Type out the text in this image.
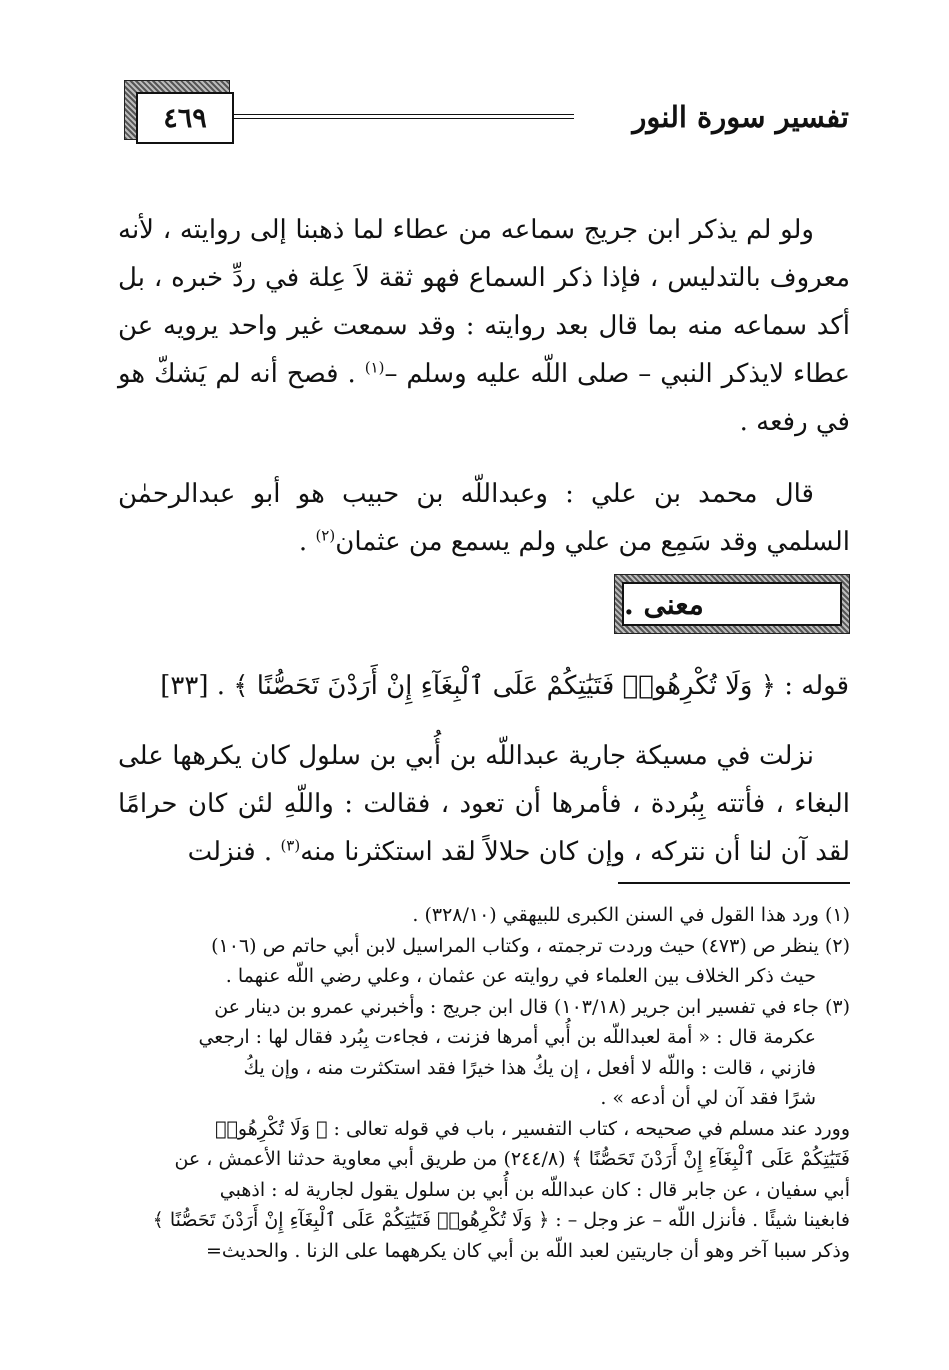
تفسير سورة النور
٤٦٩

ولو لم يذكر ابن جريج سماعه من عطاء لما ذهبنا إلى روايته ، لأنه معروف بالتدليس ، فإذا ذكر السماع فهو ثقة لاَ عِلة في ردِّ خبره ، بل أكد سماعه منه بما قال بعد روايته : وقد سمعت غير واحد يرويه عن عطاء لايذكر النبي – صلى اللّه عليه وسلم –$^{(١)}$ . فصح أنه لم يَشكّ هو في رفعه .

قال محمد بن علي : وعبداللّه بن حبيب هو أبو عبدالرحمٰن السلمي وقد سَمِع من علي ولم يسمع من عثمان$^{(٢)}$ .

معنى .
قوله : ﴿ وَلَا تُكْرِهُوا۟ فَتَيَٰتِكُمْ عَلَى ٱلْبِغَآءِ إِنْ أَرَدْنَ تَحَصُّنًا ﴾ . [٣٣]

نزلت في مسيكة جارية عبداللّه بن أُبي بن سلول كان يكرهها على البغاء ، فأتته بِبُردة ، فأمرها أن تعود ، فقالت : واللّهِ لئن كان حرامًا لقد آن لنا أن نتركه ، وإن كان حلالاً لقد استكثرنا منه$^{(٣)}$ . فنزلت

(١) ورد هذا القول في السنن الكبرى للبيهقي (٣٢٨/١٠) .

(٢) ينظر ص (٤٧٣) حيث وردت ترجمته ، وكتاب المراسيل لابن أبي حاتم ص (١٠٦)

حيث ذكر الخلاف بين العلماء في روايته عن عثمان ، وعلي رضي اللّه عنهما .

(٣) جاء في تفسير ابن جرير (١٠٣/١٨) قال ابن جريج : وأخبرني عمرو بن دينار عن

عكرمة قال : « أمة لعبداللّه بن أُبي أمرها فزنت ، فجاءت بِبُرد فقال لها : ارجعي

فازني ، قالت : واللّه لا أفعل ، إن يكُ هذا خيرًا فقد استكثرت منه ، وإن يكُ

شرًا فقد آن لي أن أدعه » .

وورد عند مسلم في صحيحه ، كتاب التفسير ، باب في قوله تعالى : ﴿ وَلَا تُكْرِهُوا۟

فَتَيَٰتِكُمْ عَلَى ٱلْبِغَآءِ إِنْ أَرَدْنَ تَحَصُّنًا ﴾ (٢٤٤/٨) من طريق أبي معاوية حدثنا الأعمش ، عن

أبي سفيان ، عن جابر قال : كان عبداللّه بن أُبي بن سلول يقول لجارية له : اذهبي

فابغينا شيئًا . فأنزل اللّه – عز وجل – : ﴿ وَلَا تُكْرِهُوا۟ فَتَيَٰتِكُمْ عَلَى ٱلْبِغَآءِ إِنْ أَرَدْنَ تَحَصُّنًا ﴾

وذكر سببا آخر وهو أن جاريتين لعبد اللّه بن أبي كان يكرههما على الزنا . والحديث=
